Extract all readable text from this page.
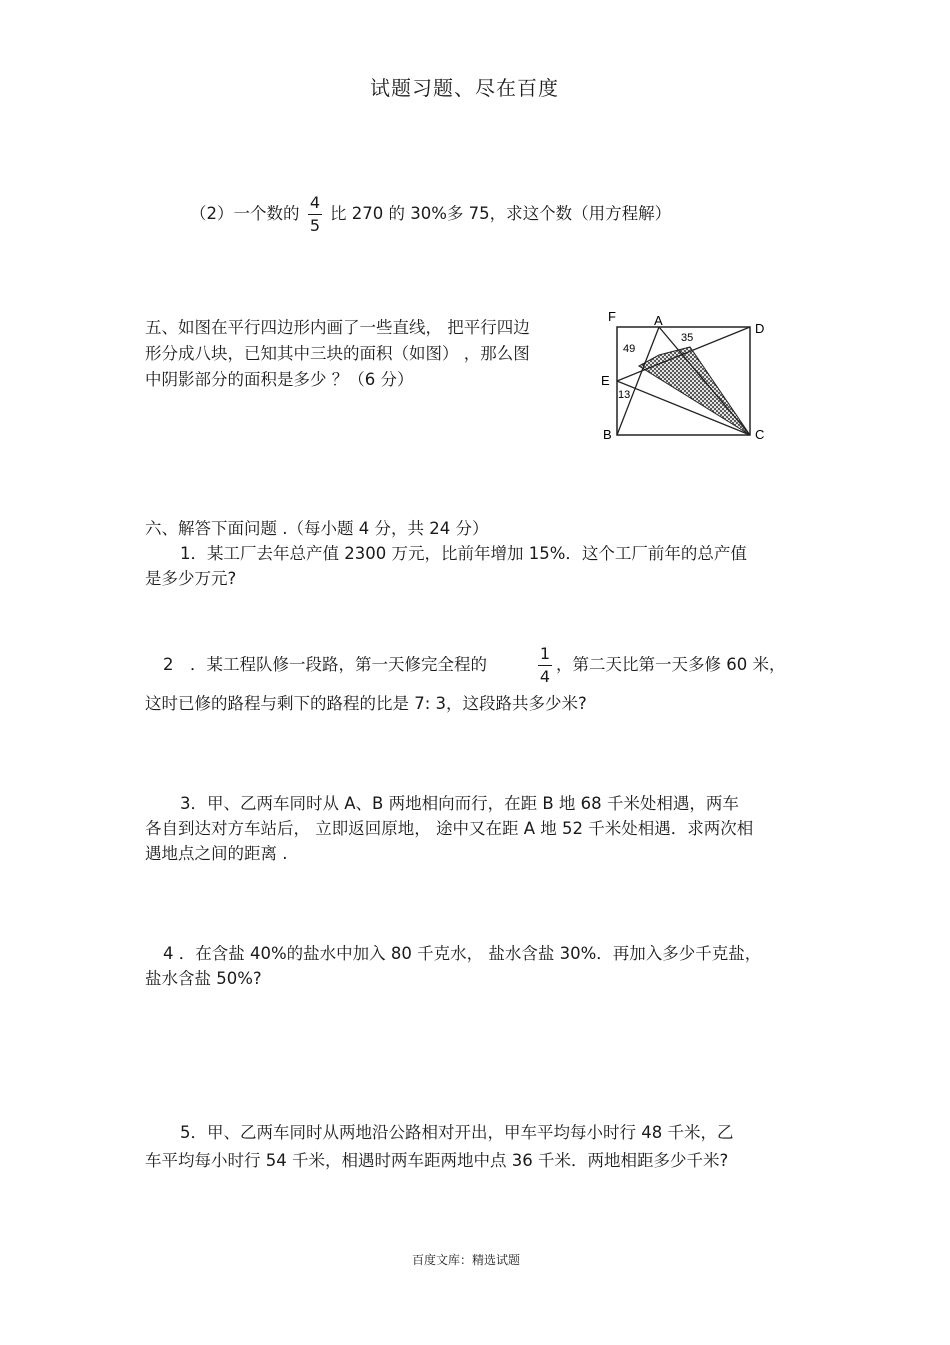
试题习题、尽在百度
（2）一个数的
4
5
比 270 的 30%多 75，求这个数（用方程解）
五、如图在平行四边形内画了一些直线， 把平行四边
形分成八块，已知其中三块的面积（如图） ，那么图
中阴影部分的面积是多少 ？（6 分）
F	A
D
E
B	C
49
35
13
六、解答下面问题 .（每小题 4 分，共 24 分）
1．某工厂去年总产值 2300 万元，比前年增加 15%．这个工厂前年的总产值
是多少万元?
2 ．某工程队修一段路，第一天修完全程的
1
4
，第二天比第一天多修 60 米，
这时已修的路程与剩下的路程的比是 7: 3，这段路共多少米?
3．甲、乙两车同时从 A、B 两地相向而行，在距 B 地 68 千米处相遇，两车
各自到达对方车站后， 立即返回原地， 途中又在距 A 地 52 千米处相遇．求两次相
遇地点之间的距离 .
4 ．在含盐 40%的盐水中加入 80 千克水， 盐水含盐 30%．再加入多少千克盐，
盐水含盐 50%?
5．甲、乙两车同时从两地沿公路相对开出，甲车平均每小时行 48 千米，乙
车平均每小时行 54 千米，相遇时两车距两地中点 36 千米．两地相距多少千米?
百度文库：精选试题
